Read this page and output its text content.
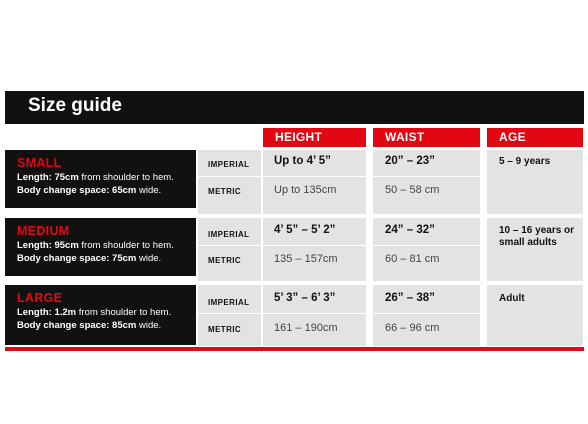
Size guide
HEIGHT	WAIST	AGE
SMALL
Length: 75cm from shoulder to hem.
Body change space: 65cm wide.
IMPERIAL
METRIC
Up to 4’ 5”
Up to 135cm
20” – 23”
50 – 58 cm
5 – 9 years
MEDIUM
Length: 95cm from shoulder to hem.
Body change space: 75cm wide.
IMPERIAL
METRIC
4’ 5” – 5’ 2”
135 – 157cm
24” – 32”
60 – 81 cm
10 – 16 years or small adults
LARGE
Length: 1.2m from shoulder to hem.
Body change space: 85cm wide.
IMPERIAL
METRIC
5’ 3” – 6’ 3”
161 – 190cm
26” – 38”
66 – 96 cm
Adult
